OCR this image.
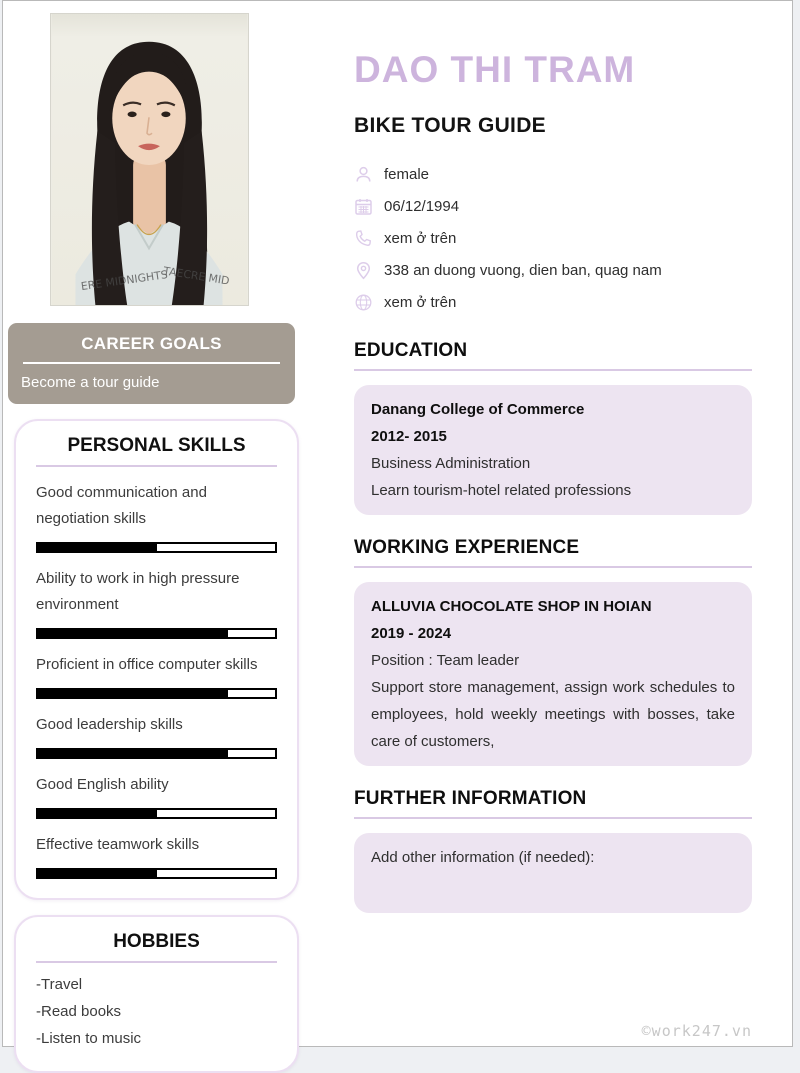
ERE MIDNIGHTS
TAECRE MID
CAREER GOALS
Become a tour guide
PERSONAL SKILLS
Good communication and negotiation skills
Ability to work in high pressure environment
Proficient in office computer skills
Good leadership skills
Good English ability
Effective teamwork skills
HOBBIES
-Travel
-Read books
-Listen to music
DAO THI TRAM
BIKE TOUR GUIDE
female
06/12/1994
xem ở trên
338 an duong vuong, dien ban, quag nam
xem ở trên
EDUCATION
Danang College of Commerce
2012- 2015
Business Administration
Learn tourism-hotel related professions
WORKING EXPERIENCE
ALLUVIA CHOCOLATE SHOP IN HOIAN
2019 - 2024
Position : Team leader
Support store management, assign work schedules to employees, hold weekly meetings with bosses, take care of customers,
FURTHER INFORMATION
Add other information (if needed):
©work247.vn
